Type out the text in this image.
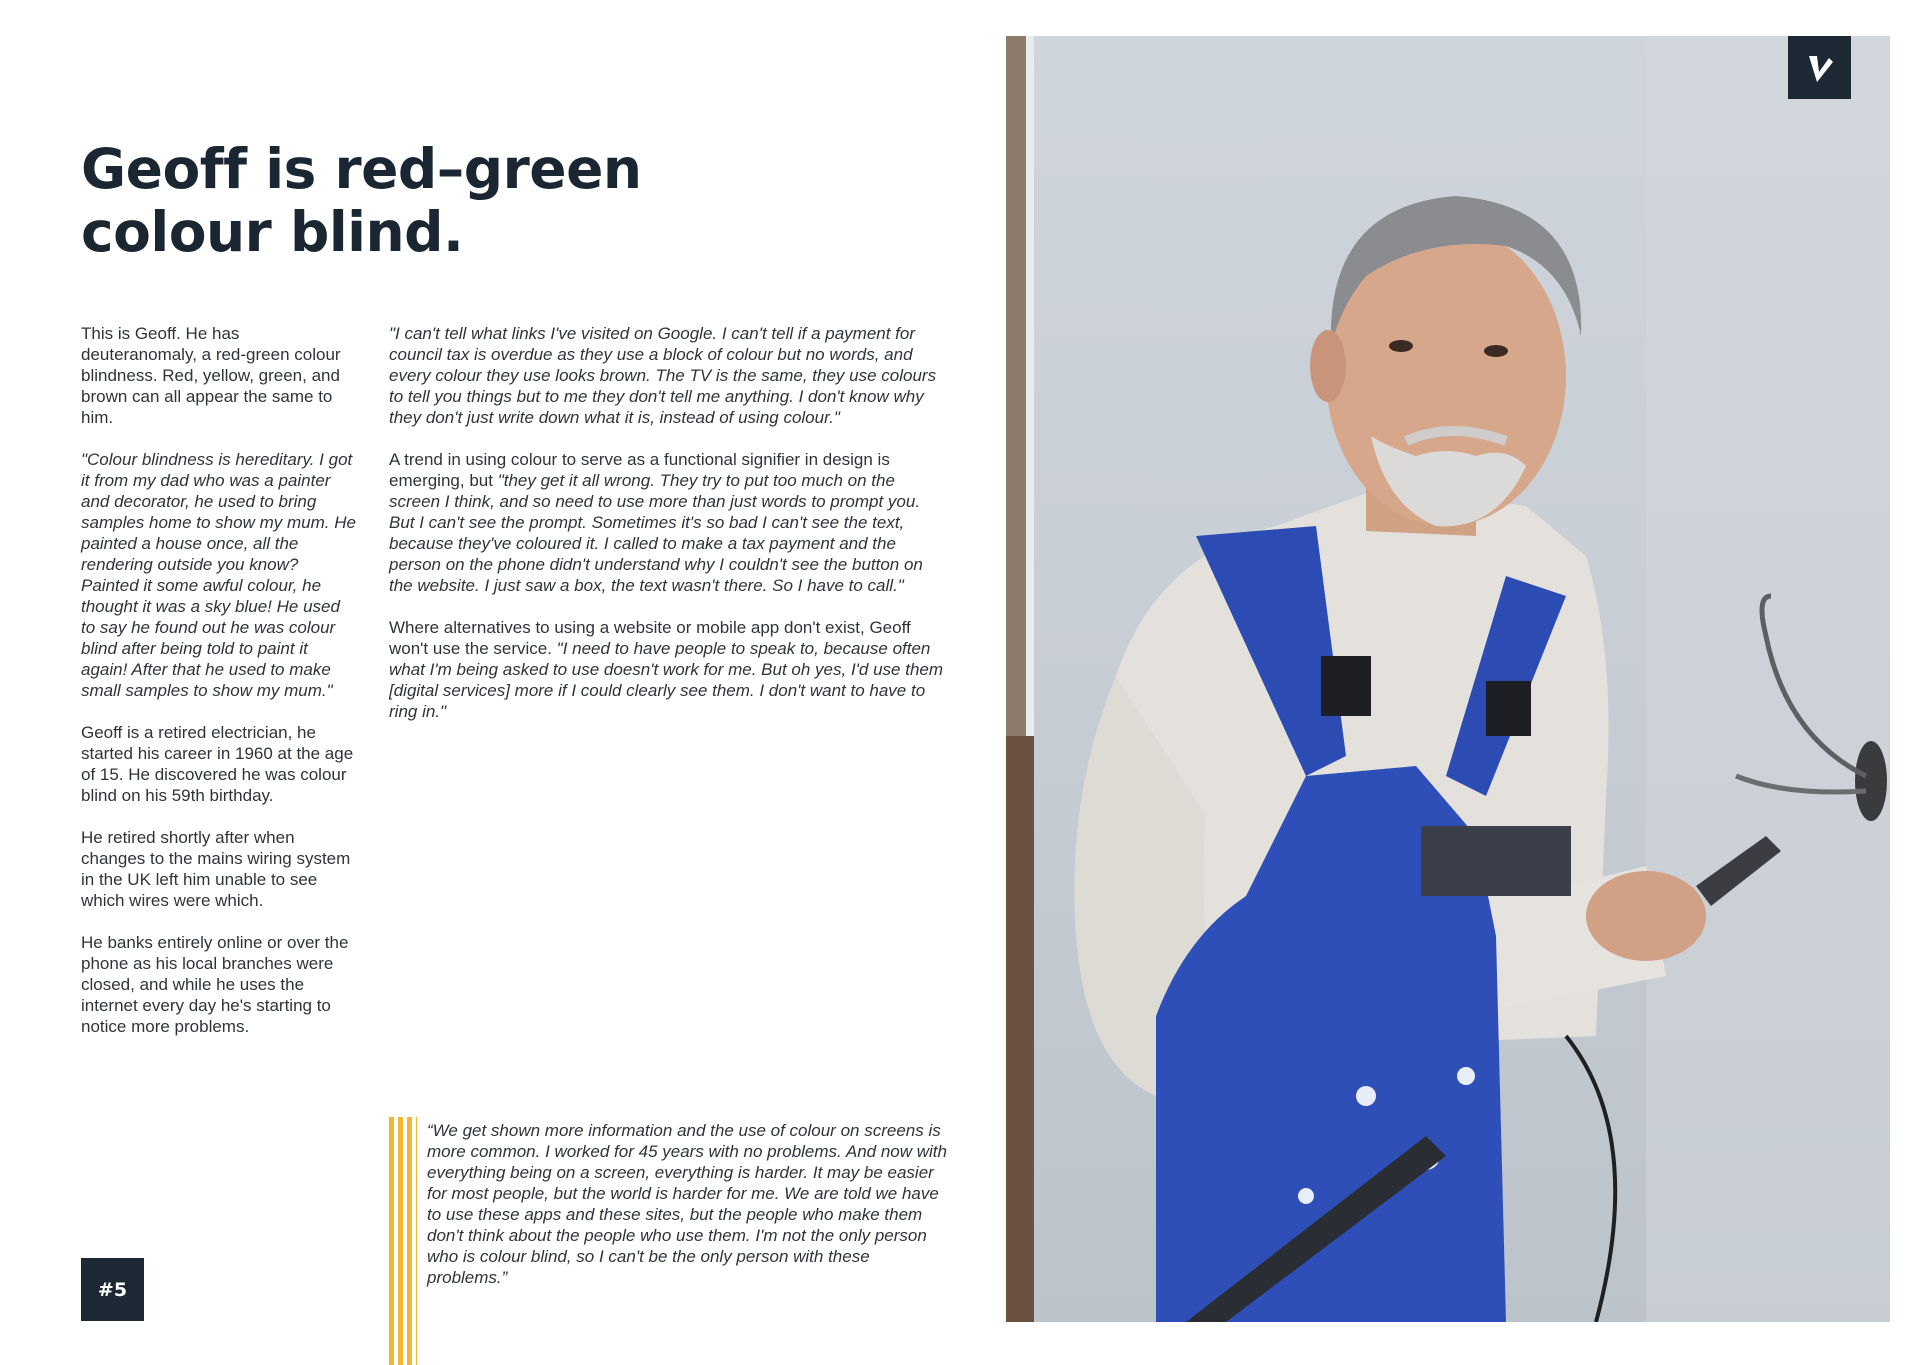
Geoff is red–green
colour blind.

This is Geoff. He has deuteranomaly, a red-green colour blindness. Red, yellow, green, and brown can all appear the same to him.

"Colour blindness is hereditary. I got it from my dad who was a painter and decorator, he used to bring samples home to show my mum. He painted a house once, all the rendering outside you know? Painted it some awful colour, he thought it was a sky blue! He used to say he found out he was colour blind after being told to paint it again! After that he used to make small samples to show my mum."

Geoff is a retired electrician, he started his career in 1960 at the age of 15. He discovered he was colour blind on his 59th birthday.

He retired shortly after when changes to the mains wiring system in the UK left him unable to see which wires were which.

He banks entirely online or over the phone as his local branches were closed, and while he uses the internet every day he's starting to notice more problems.

"I can't tell what links I've visited on Google. I can't tell if a payment for council tax is overdue as they use a block of colour but no words, and every colour they use looks brown. The TV is the same, they use colours to tell you things but to me they don't tell me anything. I don't know why they don't just write down what it is, instead of using colour."

A trend in using colour to serve as a functional signifier in design is emerging, but "they get it all wrong. They try to put too much on the screen I think, and so need to use more than just words to prompt you. But I can't see the prompt. Sometimes it's so bad I can't see the text, because they've coloured it. I called to make a tax payment and the person on the phone didn't understand why I couldn't see the button on the website. I just saw a box, the text wasn't there. So I have to call."

Where alternatives to using a website or mobile app don't exist, Geoff won't use the service. "I need to have people to speak to, because often what I'm being asked to use doesn't work for me. But oh yes, I'd use them [digital services] more if I could clearly see them. I don't want to have to ring in."

“We get shown more information and the use of colour on screens is more common. I worked for 45 years with no problems. And now with everything being on a screen, everything is harder. It may be easier for most people, but the world is harder for me. We are told we have to use these apps and these sites, but the people who make them don't think about the people who use them. I'm not the only person who is colour blind, so I can't be the only person with these problems.”

#5
